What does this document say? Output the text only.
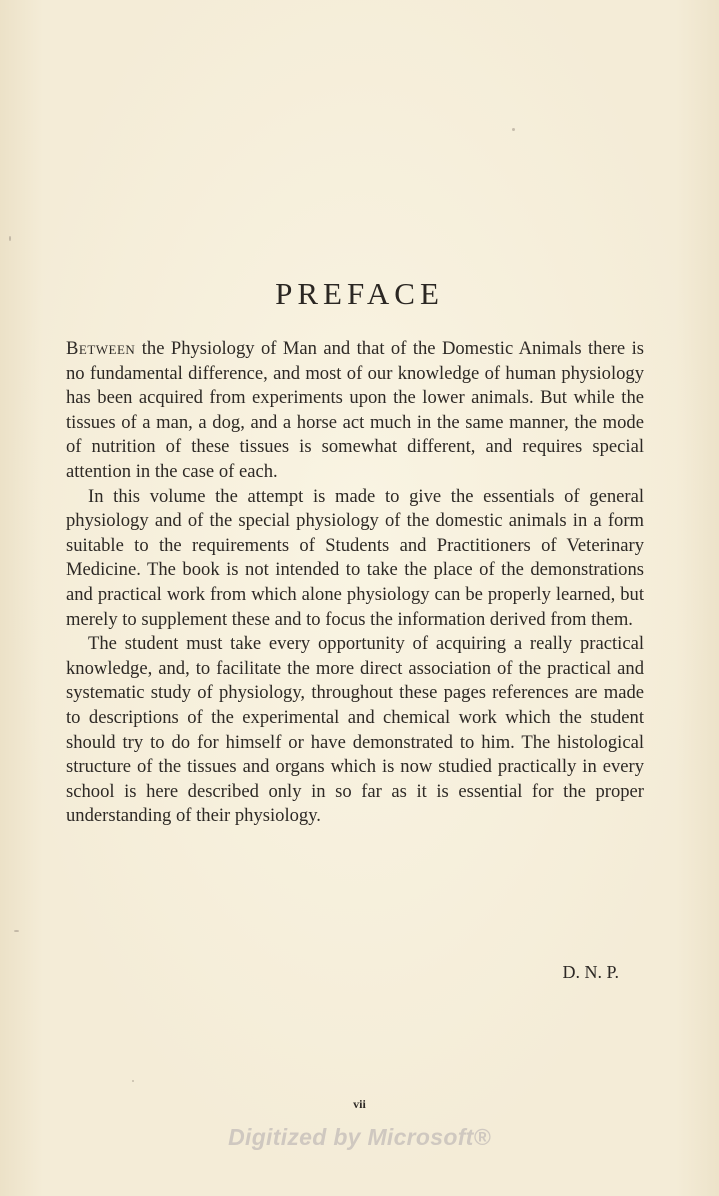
PREFACE

Between the Physiology of Man and that of the Domestic Animals there is no fundamental difference, and most of our knowledge of human physiology has been acquired from experiments upon the lower animals. But while the tissues of a man, a dog, and a horse act much in the same manner, the mode of nutrition of these tissues is somewhat different, and requires special attention in the case of each.

In this volume the attempt is made to give the essentials of general physiology and of the special physiology of the domestic animals in a form suitable to the requirements of Students and Practitioners of Veterinary Medicine. The book is not intended to take the place of the demonstrations and practical work from which alone physiology can be properly learned, but merely to supplement these and to focus the information derived from them.

The student must take every opportunity of acquiring a really practical knowledge, and, to facilitate the more direct association of the practical and systematic study of physiology, throughout these pages references are made to descriptions of the experimental and chemical work which the student should try to do for himself or have demonstrated to him. The histological structure of the tissues and organs which is now studied practically in every school is here described only in so far as it is essential for the proper understanding of their physiology.

D. N. P.
vii
Digitized by Microsoft®
